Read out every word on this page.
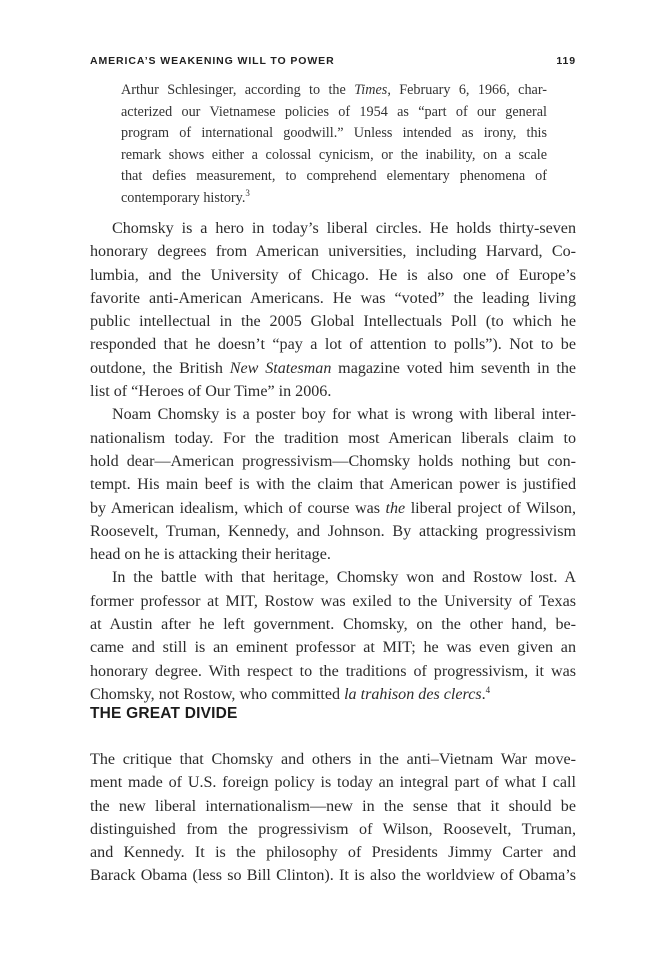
AMERICA’S WEAKENING WILL TO POWER	119
Arthur Schlesinger, according to the Times, February 6, 1966, char-
acterized our Vietnamese policies of 1954 as “part of our general
program of international goodwill.” Unless intended as irony, this
remark shows either a colossal cynicism, or the inability, on a scale
that defies measurement, to comprehend elementary phenomena of
contemporary history.$^3$
Chomsky is a hero in today’s liberal circles. He holds thirty-seven
honorary degrees from American universities, including Harvard, Co-
lumbia, and the University of Chicago. He is also one of Europe’s
favorite anti-American Americans. He was “voted” the leading living
public intellectual in the 2005 Global Intellectuals Poll (to which he
responded that he doesn’t “pay a lot of attention to polls”). Not to be
outdone, the British New Statesman magazine voted him seventh in the
list of “Heroes of Our Time” in 2006.
Noam Chomsky is a poster boy for what is wrong with liberal inter-
nationalism today. For the tradition most American liberals claim to
hold dear—American progressivism—Chomsky holds nothing but con-
tempt. His main beef is with the claim that American power is justified
by American idealism, which of course was the liberal project of Wilson,
Roosevelt, Truman, Kennedy, and Johnson. By attacking progressivism
head on he is attacking their heritage.
In the battle with that heritage, Chomsky won and Rostow lost. A
former professor at MIT, Rostow was exiled to the University of Texas
at Austin after he left government. Chomsky, on the other hand, be-
came and still is an eminent professor at MIT; he was even given an
honorary degree. With respect to the traditions of progressivism, it was
Chomsky, not Rostow, who committed la trahison des clercs.$^4$
THE GREAT DIVIDE
The critique that Chomsky and others in the anti–Vietnam War move-
ment made of U.S. foreign policy is today an integral part of what I call
the new liberal internationalism—new in the sense that it should be
distinguished from the progressivism of Wilson, Roosevelt, Truman,
and Kennedy. It is the philosophy of Presidents Jimmy Carter and
Barack Obama (less so Bill Clinton). It is also the worldview of Obama’s
